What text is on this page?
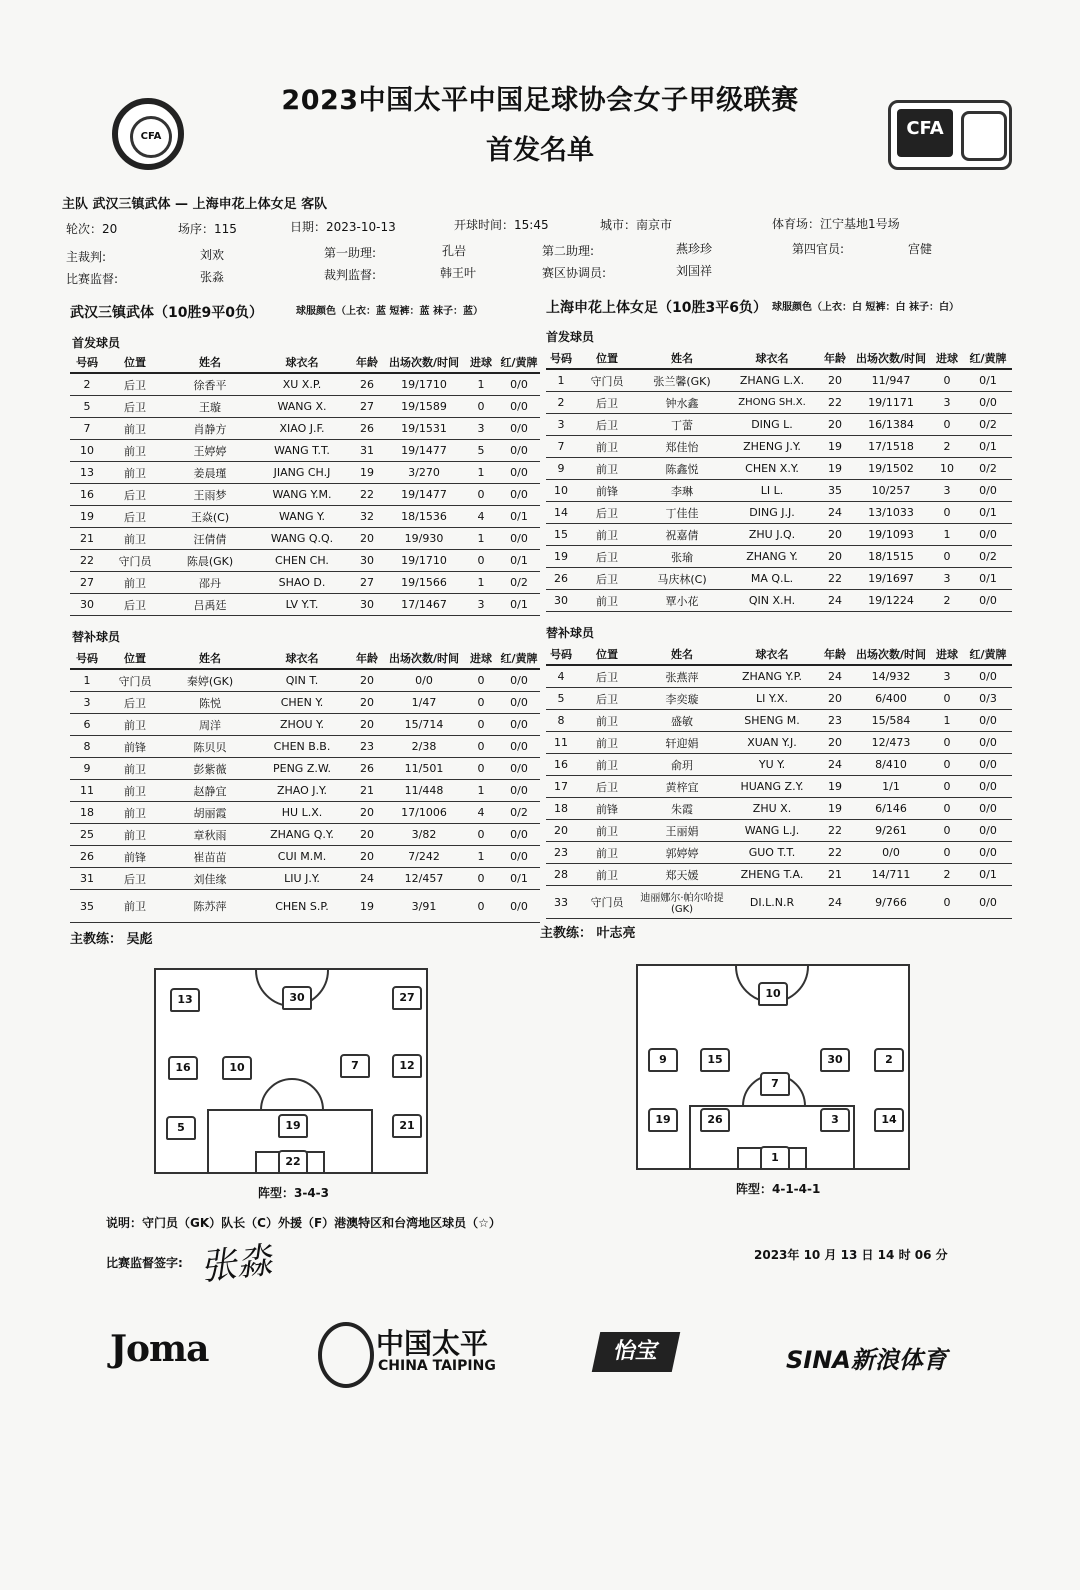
2023中国太平中国足球协会女子甲级联赛
首发名单
CFA	CFA
主队 武汉三镇武体 — 上海申花上体女足 客队
轮次：20	场序：115	日期：2023-10-13	开球时间：15:45	城市：南京市	体育场：江宁基地1号场
主裁判:	刘欢	第一助理:	孔岩	第二助理:	燕珍珍	第四官员:	宫健
比赛监督:	张淼	裁判监督:	韩王叶	赛区协调员:	刘国祥
武汉三镇武体（10胜9平0负）	球服颜色（上衣：蓝 短裤：蓝 袜子：蓝）	上海申花上体女足（10胜3平6负） 球服颜色（上衣：白 短裤：白 袜子：白）
首发球员	首发球员
号码	位置	姓名	球衣名	年龄	出场次数/时间	进球	红/黄牌
2	后卫	徐香平	XU X.P.	26	19/1710	1	0/0
5	后卫	王璇	WANG X.	27	19/1589	0	0/0
7	前卫	肖静方	XIAO J.F.	26	19/1531	3	0/0
10	前卫	王婷婷	WANG T.T.	31	19/1477	5	0/0
13	前卫	姜晨瑾	JIANG CH.J	19	3/270	1	0/0
16	后卫	王雨梦	WANG Y.M.	22	19/1477	0	0/0
19	后卫	王焱(C)	WANG Y.	32	18/1536	4	0/1
21	前卫	汪倩倩	WANG Q.Q.	20	19/930	1	0/0
22	守门员	陈晨(GK)	CHEN CH.	30	19/1710	0	0/1
27	前卫	邵丹	SHAO D.	27	19/1566	1	0/2
30	后卫	吕禹廷	LV Y.T.	30	17/1467	3	0/1
号码	位置	姓名	球衣名	年龄	出场次数/时间	进球	红/黄牌
1	守门员	张兰馨(GK)	ZHANG L.X.	20	11/947	0	0/1
2	后卫	钟水鑫	ZHONG SH.X.	22	19/1171	3	0/0
3	后卫	丁蕾	DING L.	20	16/1384	0	0/2
7	前卫	郑佳怡	ZHENG J.Y.	19	17/1518	2	0/1
9	前卫	陈鑫悦	CHEN X.Y.	19	19/1502	10	0/2
10	前锋	李琳	LI L.	35	10/257	3	0/0
14	后卫	丁佳佳	DING J.J.	24	13/1033	0	0/1
15	前卫	祝嘉倩	ZHU J.Q.	20	19/1093	1	0/0
19	后卫	张瑜	ZHANG Y.	20	18/1515	0	0/2
26	后卫	马庆林(C)	MA Q.L.	22	19/1697	3	0/1
30	前卫	覃小花	QIN X.H.	24	19/1224	2	0/0
替补球员	替补球员
号码	位置	姓名	球衣名	年龄	出场次数/时间	进球	红/黄牌
1	守门员	秦婷(GK)	QIN T.	20	0/0	0	0/0
3	后卫	陈悦	CHEN Y.	20	1/47	0	0/0
6	前卫	周洋	ZHOU Y.	20	15/714	0	0/0
8	前锋	陈贝贝	CHEN B.B.	23	2/38	0	0/0
9	前卫	彭紫薇	PENG Z.W.	26	11/501	0	0/0
11	前卫	赵静宜	ZHAO J.Y.	21	11/448	1	0/0
18	前卫	胡丽霞	HU L.X.	20	17/1006	4	0/2
25	前卫	章秋雨	ZHANG Q.Y.	20	3/82	0	0/0
26	前锋	崔苗苗	CUI M.M.	20	7/242	1	0/0
31	后卫	刘佳缘	LIU J.Y.	24	12/457	0	0/1
35	前卫	陈苏萍	CHEN S.P.	19	3/91	0	0/0
号码	位置	姓名	球衣名	年龄	出场次数/时间	进球	红/黄牌
4	后卫	张燕萍	ZHANG Y.P.	24	14/932	3	0/0
5	后卫	李奕璇	LI Y.X.	20	6/400	0	0/3
8	前卫	盛敏	SHENG M.	23	15/584	1	0/0
11	前卫	轩迎娟	XUAN Y.J.	20	12/473	0	0/0
16	前卫	俞玥	YU Y.	24	8/410	0	0/0
17	后卫	黄梓宜	HUANG Z.Y.	19	1/1	0	0/0
18	前锋	朱霞	ZHU X.	19	6/146	0	0/0
20	前卫	王丽娟	WANG L.J.	22	9/261	0	0/0
23	前卫	郭婷婷	GUO T.T.	22	0/0	0	0/0
28	前卫	郑天媛	ZHENG T.A.	21	14/711	2	0/1
33	守门员	迪丽娜尔·帕尔哈提(GK)	DI.L.N.R	24	9/766	0	0/0
主教练： 吴彪	主教练： 叶志亮
13	30	27
16	10	7	12
5	19	21
22
阵型：3-4-3
10
9	15	30	2
7
19	26	3	14
1
阵型：4-1-4-1
说明：守门员（GK）队长（C）外援（F）港澳特区和台湾地区球员（☆）
比赛监督签字: 张淼	2023年 10 月 13 日 14 时 06 分
Joma	中国太平
CHINA TAIPING
怡宝	SINA新浪体育
